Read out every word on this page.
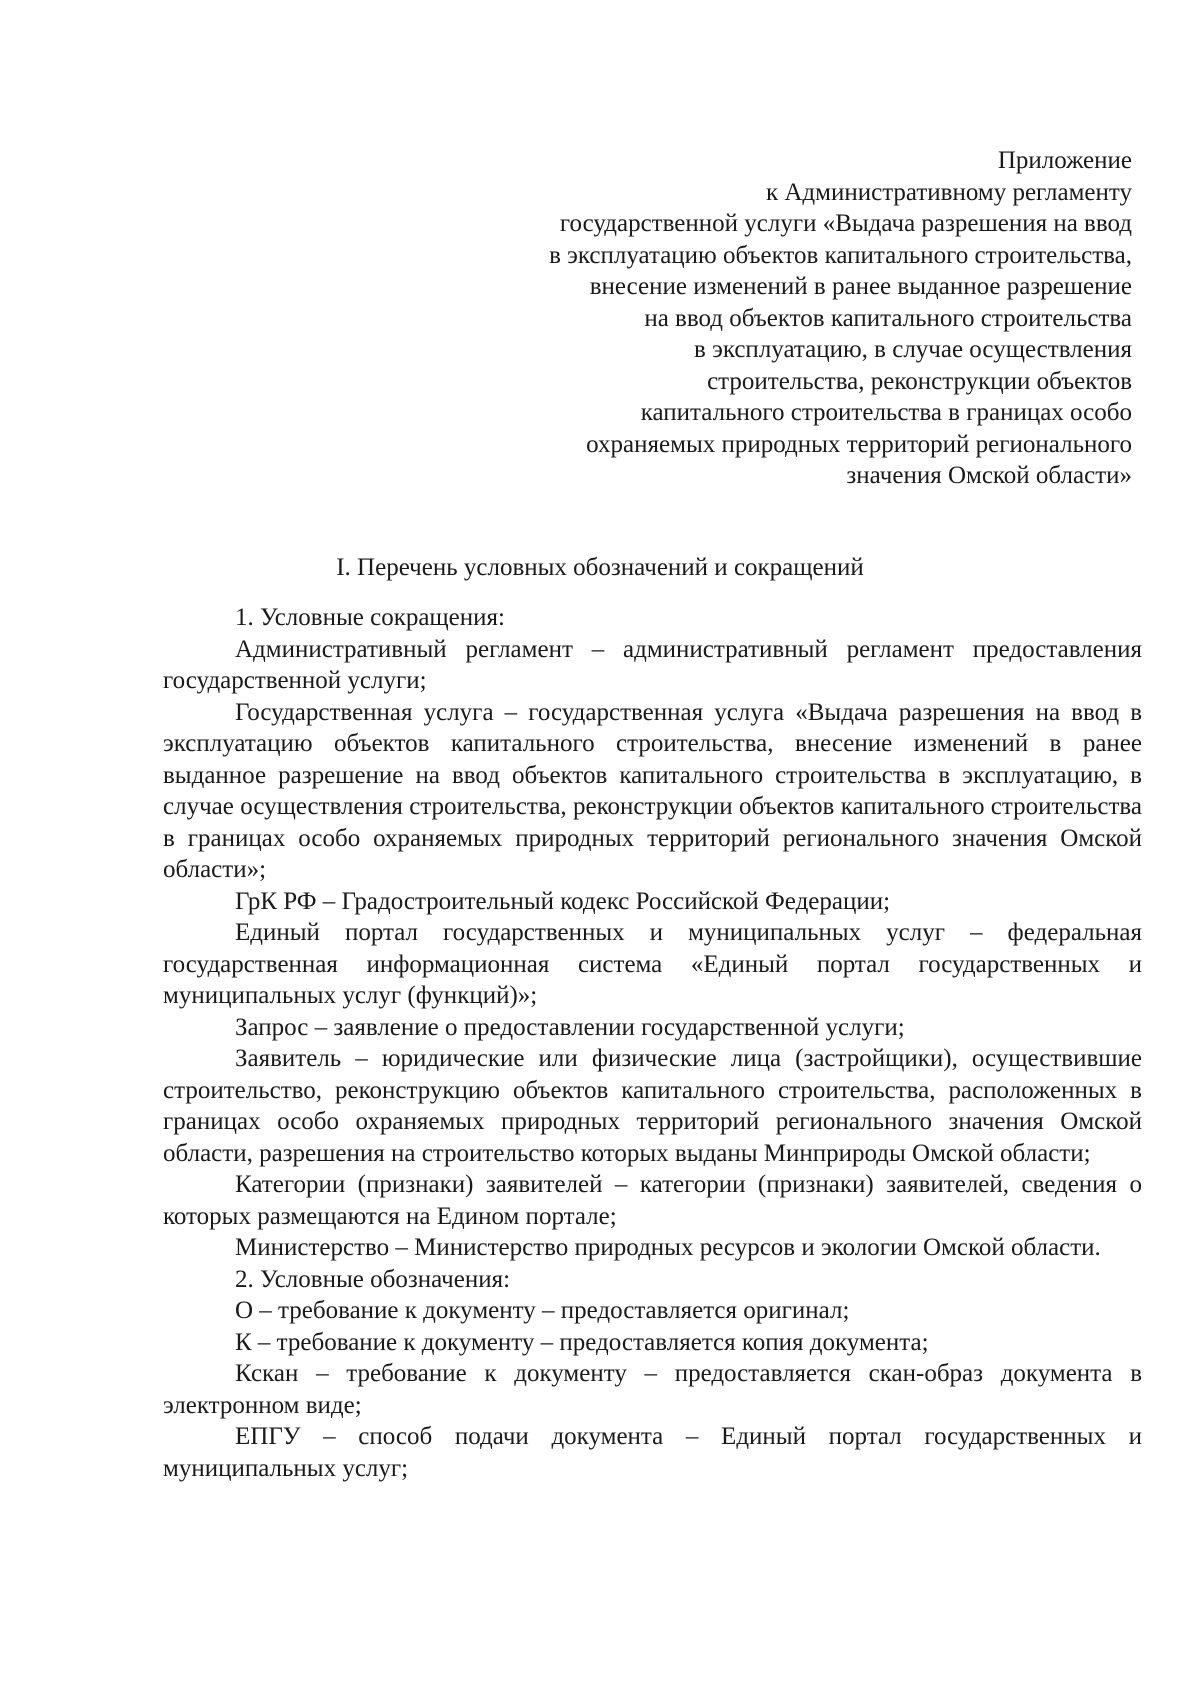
Приложение
к Административному регламенту
государственной услуги «Выдача разрешения на ввод
в эксплуатацию объектов капитального строительства,
внесение изменений в ранее выданное разрешение
на ввод объектов капитального строительства
в эксплуатацию, в случае осуществления
строительства, реконструкции объектов
капитального строительства в границах особо
охраняемых природных территорий регионального
значения Омской области»
I. Перечень условных обозначений и сокращений

1. Условные сокращения:

Административный регламент – административный регламент предоставления государственной услуги;

Государственная услуга – государственная услуга «Выдача разрешения на ввод в эксплуатацию объектов капитального строительства, внесение изменений в ранее выданное разрешение на ввод объектов капитального строительства в эксплуатацию, в случае осуществления строительства, реконструкции объектов капитального строительства в границах особо охраняемых природных территорий регионального значения Омской области»;

ГрК РФ – Градостроительный кодекс Российской Федерации;

Единый портал государственных и муниципальных услуг – федеральная государственная информационная система «Единый портал государственных и муниципальных услуг (функций)»;

Запрос – заявление о предоставлении государственной услуги;

Заявитель – юридические или физические лица (застройщики), осуществившие строительство, реконструкцию объектов капитального строительства, расположенных в границах особо охраняемых природных территорий регионального значения Омской области, разрешения на строительство которых выданы Минприроды Омской области;

Категории (признаки) заявителей – категории (признаки) заявителей, сведения о которых размещаются на Едином портале;

Министерство – Министерство природных ресурсов и экологии Омской области.

2. Условные обозначения:

О – требование к документу – предоставляется оригинал;

К – требование к документу – предоставляется копия документа;

Кскан – требование к документу – предоставляется скан-образ документа в электронном виде;

ЕПГУ – способ подачи документа – Единый портал государственных и муниципальных услуг;
